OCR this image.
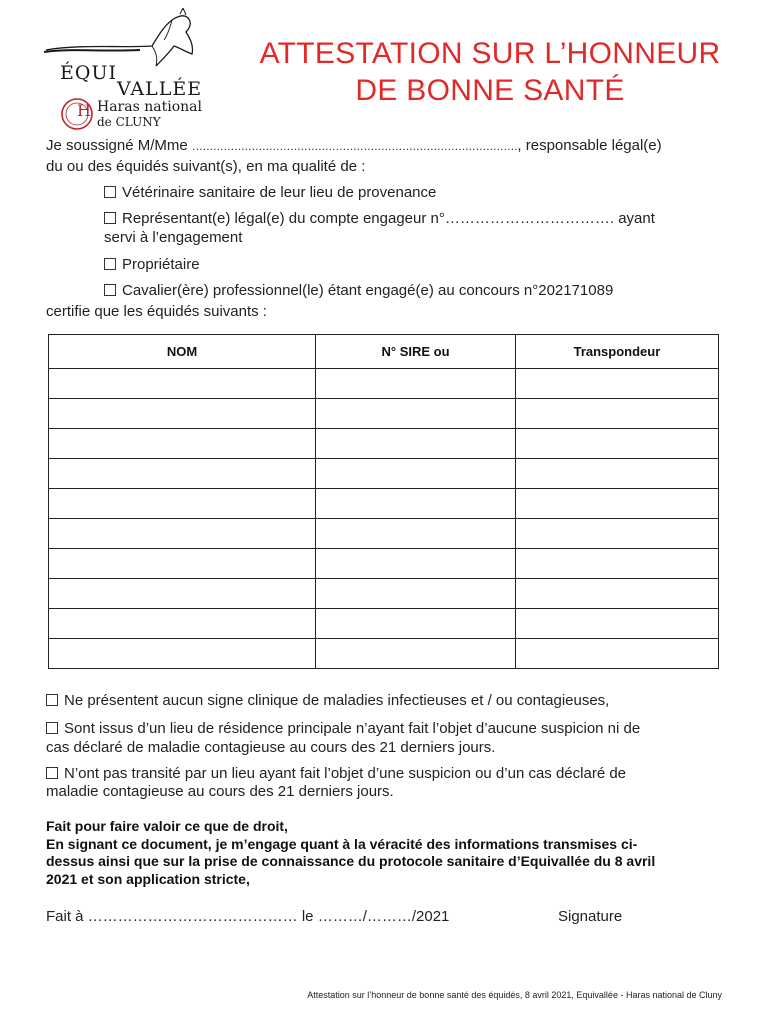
H
ÉQUI
VALLÉE
Haras national
de CLUNY
ATTESTATION SUR L’HONNEUR
DE BONNE SANTÉ
Je soussigné M/Mme …………………………………………………………………………………, responsable légal(e)
du ou des équidés suivant(s), en ma qualité de :
Vétérinaire sanitaire de leur lieu de provenance
Représentant(e) légal(e) du compte engageur n°……………………………. ayant
servi à l’engagement
Propriétaire
Cavalier(ère) professionnel(le) étant engagé(e) au concours n°202171089
certifie que les équidés suivants :
NOM	N° SIRE ou	Transpondeur

Ne présentent aucun signe clinique de maladies infectieuses et / ou contagieuses,
Sont issus d’un lieu de résidence principale n’ayant fait l’objet d’aucune suspicion ni de
cas déclaré de maladie contagieuse au cours des 21 derniers jours.
N’ont pas transité par un lieu ayant fait l’objet d’une suspicion ou d’un cas déclaré de
maladie contagieuse au cours des 21 derniers jours.
Fait pour faire valoir ce que de droit,
En signant ce document, je m’engage quant à la véracité des informations transmises ci-
dessus ainsi que sur la prise de connaissance du protocole sanitaire d’Equivallée du 8 avril
2021 et son application stricte,
Fait à …………………………………… le ………/………/2021	Signature
Attestation sur l’honneur de bonne santé des équidés, 8 avril 2021, Equivallée - Haras national de Cluny
